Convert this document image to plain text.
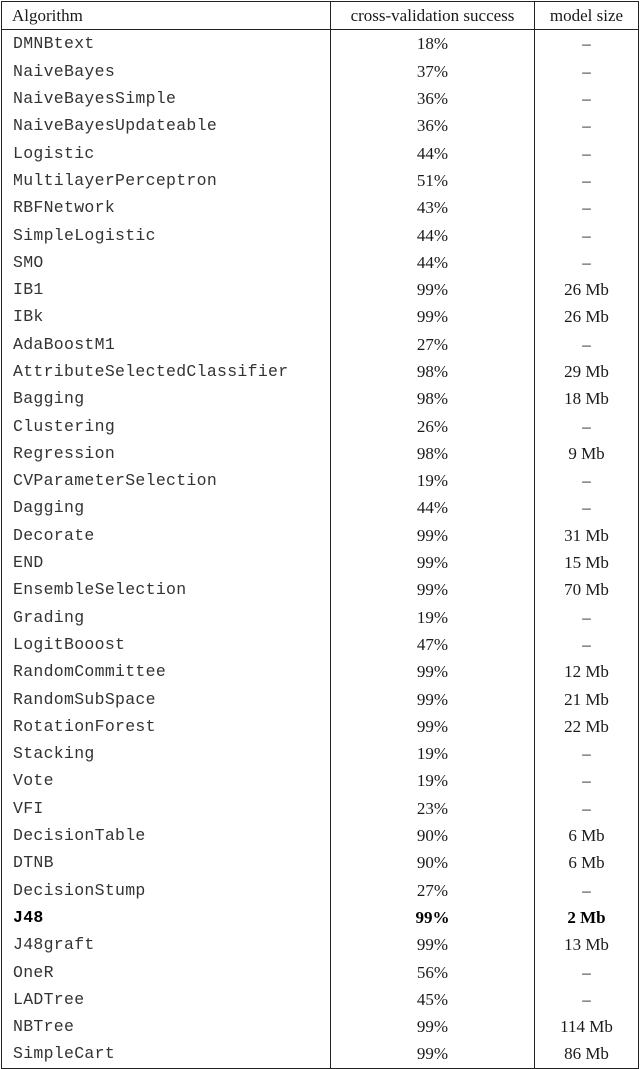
Algorithm	cross-validation success	model size
DMNBtext	18%	–
NaiveBayes	37%	–
NaiveBayesSimple	36%	–
NaiveBayesUpdateable	36%	–
Logistic	44%	–
MultilayerPerceptron	51%	–
RBFNetwork	43%	–
SimpleLogistic	44%	–
SMO	44%	–
IB1	99%	26 Mb
IBk	99%	26 Mb
AdaBoostM1	27%	–
AttributeSelectedClassifier	98%	29 Mb
Bagging	98%	18 Mb
Clustering	26%	–
Regression	98%	9 Mb
CVParameterSelection	19%	–
Dagging	44%	–
Decorate	99%	31 Mb
END	99%	15 Mb
EnsembleSelection	99%	70 Mb
Grading	19%	–
LogitBooost	47%	–
RandomCommittee	99%	12 Mb
RandomSubSpace	99%	21 Mb
RotationForest	99%	22 Mb
Stacking	19%	–
Vote	19%	–
VFI	23%	–
DecisionTable	90%	6 Mb
DTNB	90%	6 Mb
DecisionStump	27%	–
J48	99%	2 Mb
J48graft	99%	13 Mb
OneR	56%	–
LADTree	45%	–
NBTree	99%	114 Mb
SimpleCart	99%	86 Mb
